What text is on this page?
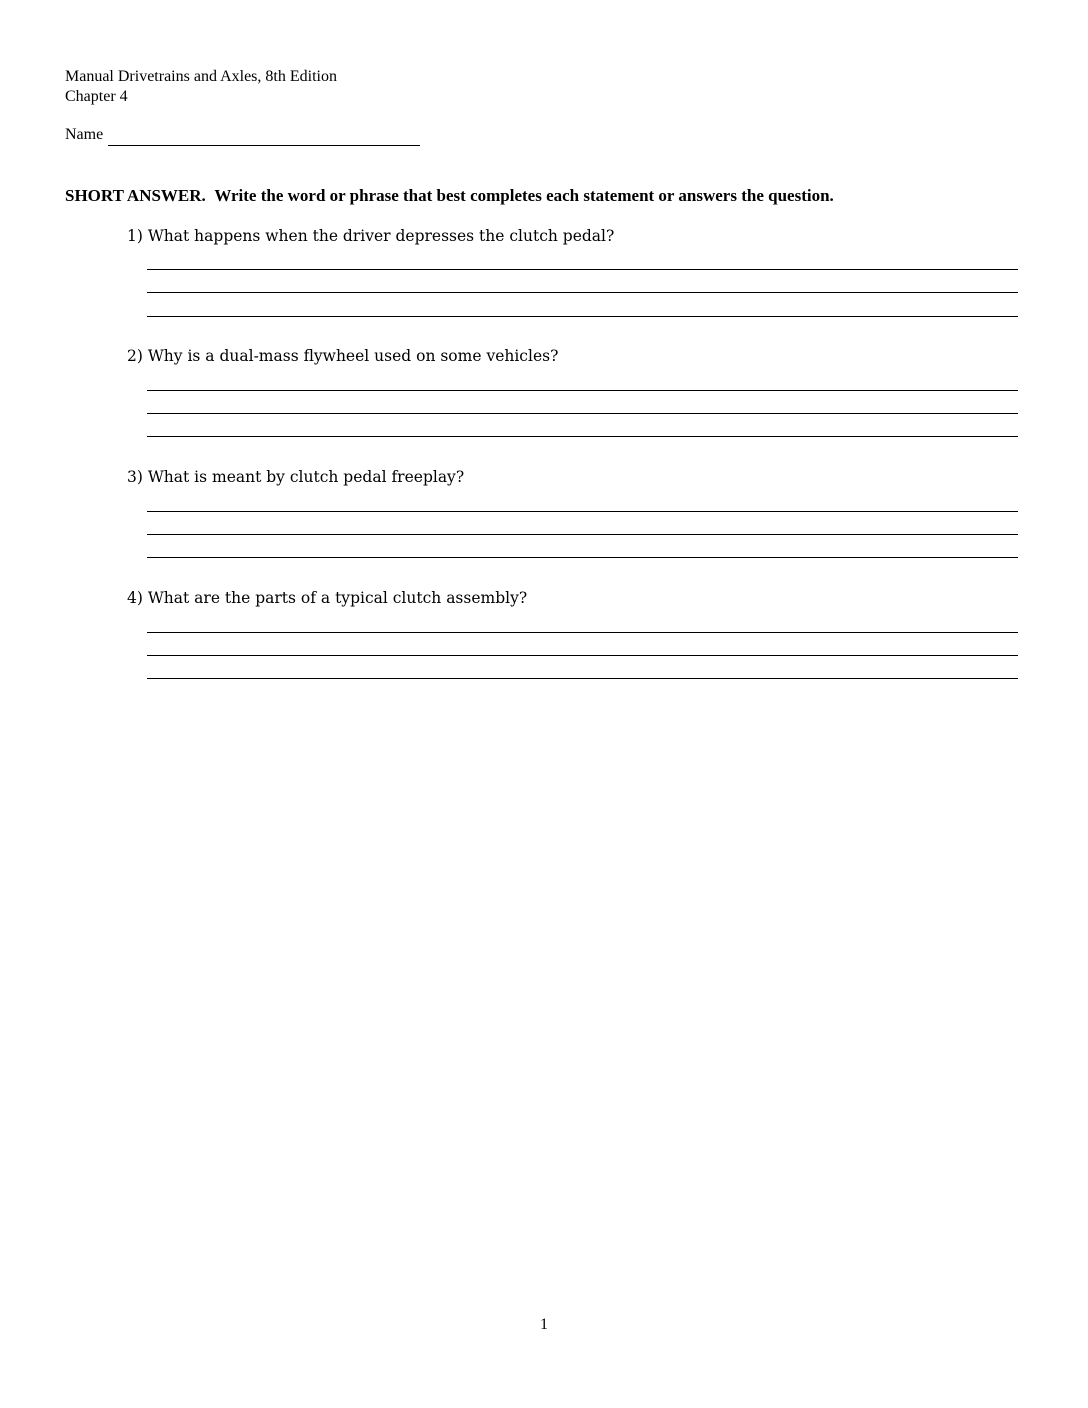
Manual Drivetrains and Axles, 8th Edition
Chapter 4
Name
SHORT ANSWER. Write the word or phrase that best completes each statement or answers the question.
1) What happens when the driver depresses the clutch pedal?
2) Why is a dual-mass flywheel used on some vehicles?
3) What is meant by clutch pedal freeplay?
4) What are the parts of a typical clutch assembly?
1
